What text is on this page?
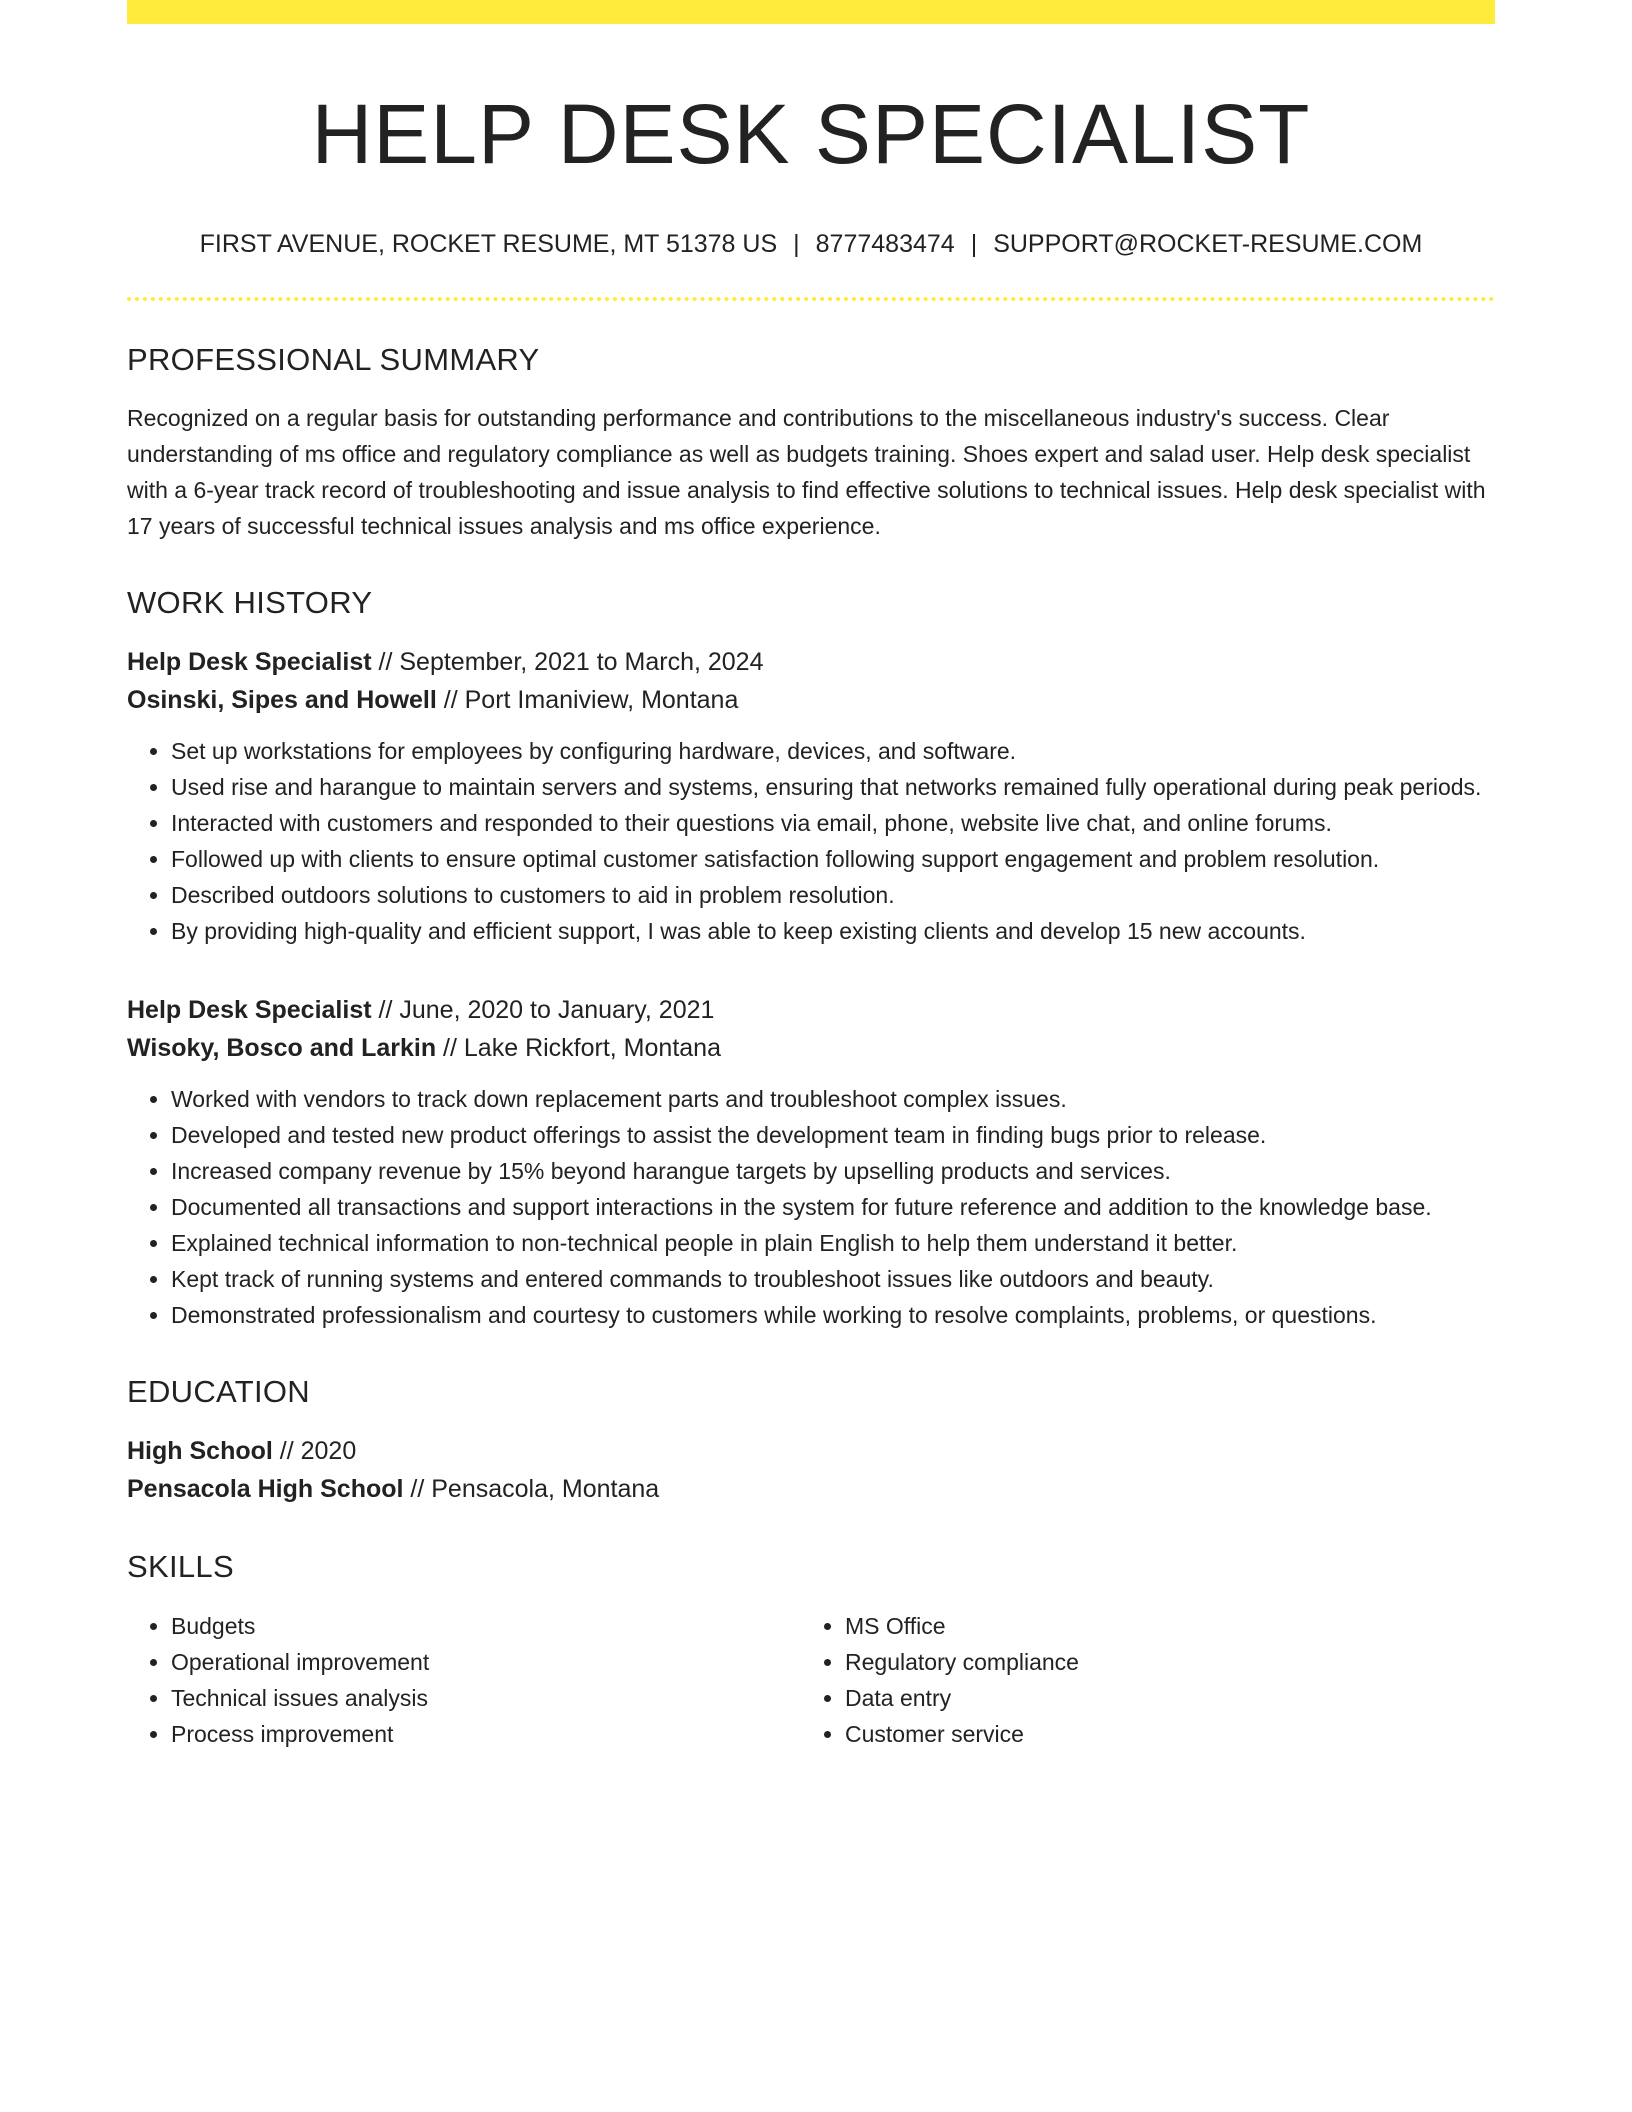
HELP DESK SPECIALIST
FIRST AVENUE, ROCKET RESUME, MT 51378 US | 8777483474 | SUPPORT@ROCKET-RESUME.COM
PROFESSIONAL SUMMARY
Recognized on a regular basis for outstanding performance and contributions to the miscellaneous industry's success. Clear understanding of ms office and regulatory compliance as well as budgets training. Shoes expert and salad user. Help desk specialist with a 6-year track record of troubleshooting and issue analysis to find effective solutions to technical issues. Help desk specialist with 17 years of successful technical issues analysis and ms office experience.
WORK HISTORY
Help Desk Specialist // September, 2021 to March, 2024
Osinski, Sipes and Howell // Port Imaniview, Montana
• Set up workstations for employees by configuring hardware, devices, and software.
• Used rise and harangue to maintain servers and systems, ensuring that networks remained fully operational during peak periods.
• Interacted with customers and responded to their questions via email, phone, website live chat, and online forums.
• Followed up with clients to ensure optimal customer satisfaction following support engagement and problem resolution.
• Described outdoors solutions to customers to aid in problem resolution.
• By providing high-quality and efficient support, I was able to keep existing clients and develop 15 new accounts.
Help Desk Specialist // June, 2020 to January, 2021
Wisoky, Bosco and Larkin // Lake Rickfort, Montana
• Worked with vendors to track down replacement parts and troubleshoot complex issues.
• Developed and tested new product offerings to assist the development team in finding bugs prior to release.
• Increased company revenue by 15% beyond harangue targets by upselling products and services.
• Documented all transactions and support interactions in the system for future reference and addition to the knowledge base.
• Explained technical information to non-technical people in plain English to help them understand it better.
• Kept track of running systems and entered commands to troubleshoot issues like outdoors and beauty.
• Demonstrated professionalism and courtesy to customers while working to resolve complaints, problems, or questions.
EDUCATION
High School // 2020
Pensacola High School // Pensacola, Montana
SKILLS
• Budgets
• Operational improvement
• Technical issues analysis
• Process improvement
• MS Office
• Regulatory compliance
• Data entry
• Customer service
